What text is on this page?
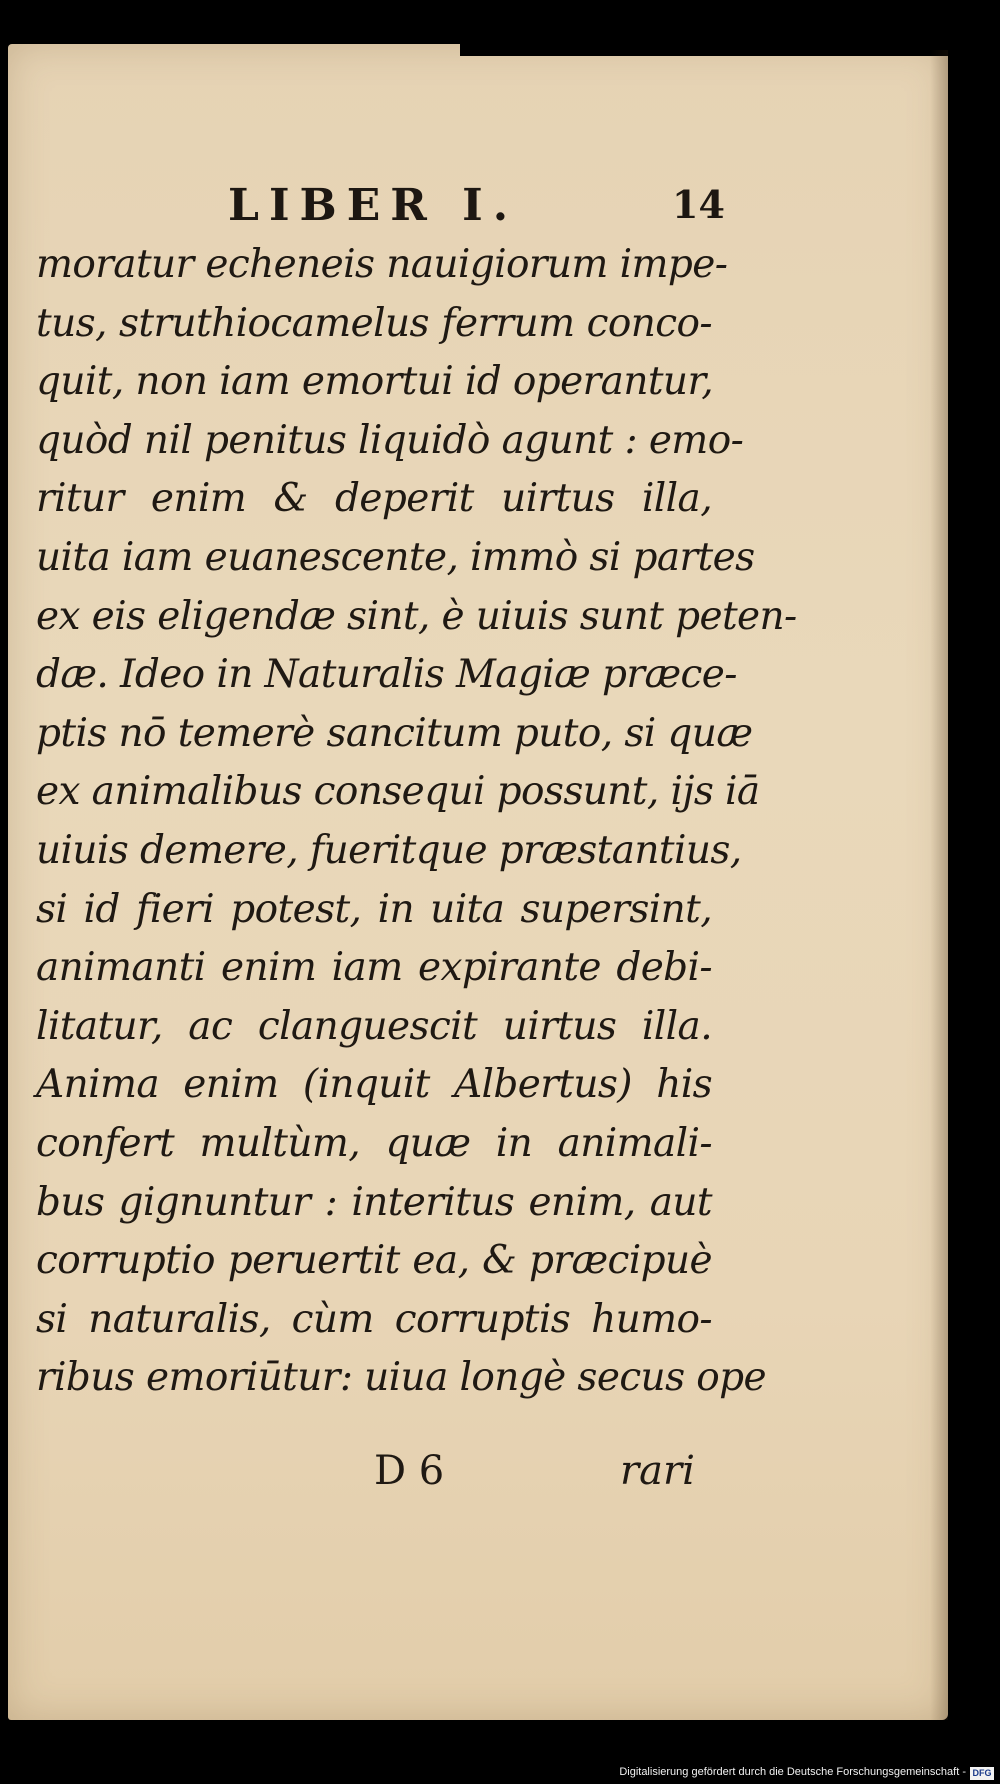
LIBER I.	14
moratur echeneis nauigiorum impe-
tus, struthiocamelus ferrum conco-
quit, non iam emortui id operantur,
quòd nil penitus liquidò agunt : emo-
ritur enim & deperit uirtus illa,
uita iam euanescente, immò si partes
ex eis eligendæ sint, è uiuis sunt peten-
dæ. Ideo in Naturalis Magiæ præce-
ptis nō temerè sancitum puto, si quæ
ex animalibus consequi possunt, ijs iā
uiuis demere, fueritque præstantius,
si id fieri potest, in uita supersint,
animanti enim iam expirante debi-
litatur, ac clanguescit uirtus illa.
Anima enim (inquit Albertus) his
confert multùm, quæ in animali-
bus gignuntur : interitus enim, aut
corruptio peruertit ea, & præcipuè
si naturalis, cùm corruptis humo-
ribus emoriūtur: uiua longè secus ope
D 6	rari
Digitalisierung gefördert durch die Deutsche Forschungsgemeinschaft - DFG
